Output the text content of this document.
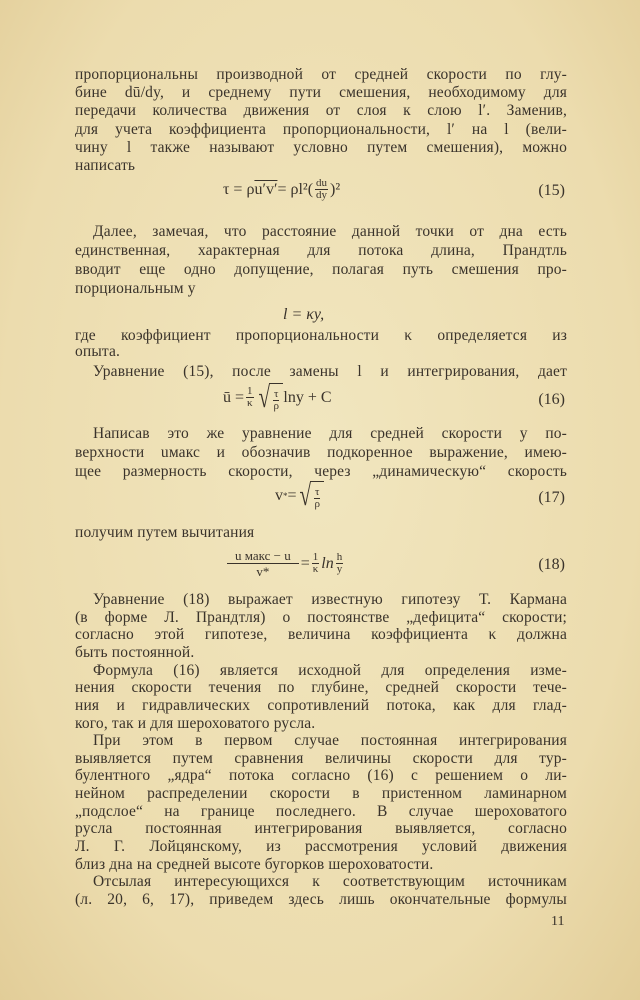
пропорциональны производной от средней скорости по глу-
бине dū/dy, и среднему пути смешения, необходимому для
передачи количества движения от слоя к слою l′. Заменив,
для учета коэффициента пропорциональности, l′ на l (вели-
чину l также называют условно путем смешения), можно
написать
τ = ρ $u'v' = \rho l^2( \frac{du}{dy} )^2$	(15)
Далее, замечая, что расстояние данной точки от дна есть
единственная, характерная для потока длина, Прандтль
вводит еще одно допущение, полагая путь смешения про-
порциональным у
l = κy,
где коэффициент пропорциональности κ определяется из
опыта.
Уравнение (15), после замены l и интегрирования, дает
ū = $\frac{1}{\kappa}$ √ $\frac{\tau}{\rho}$ lny + C	(16)
Написав это же уравнение для средней скорости у по-
верхности uмакс и обозначив подкоренное выражение, имею-
щее размерность скорости, через „динамическую“ скорость
v * = √ $\frac{\tau}{\rho}$	(17)
получим путем вычитания
$\frac{\text{u макс − u}}{v*} = \frac{1}{\kappa}$ $\ln \frac{h}{y}$	(18)
Уравнение (18) выражает известную гипотезу Т. Кармана
(в форме Л. Прандтля) о постоянстве „дефицита“ скорости;
согласно этой гипотезе, величина коэффициента κ должна
быть постоянной.
Формула (16) является исходной для определения изме-
нения скорости течения по глубине, средней скорости тече-
ния и гидравлических сопротивлений потока, как для глад-
кого, так и для шероховатого русла.
При этом в первом случае постоянная интегрирования
выявляется путем сравнения величины скорости для тур-
булентного „ядра“ потока согласно (16) с решением о ли-
нейном распределении скорости в пристенном ламинарном
„подслое“ на границе последнего. В случае шероховатого
русла постоянная интегрирования выявляется, согласно
Л. Г. Лойцянскому, из рассмотрения условий движения
близ дна на средней высоте бугорков шероховатости.
Отсылая интересующихся к соответствующим источникам
(л. 20, 6, 17), приведем здесь лишь окончательные формулы
11
